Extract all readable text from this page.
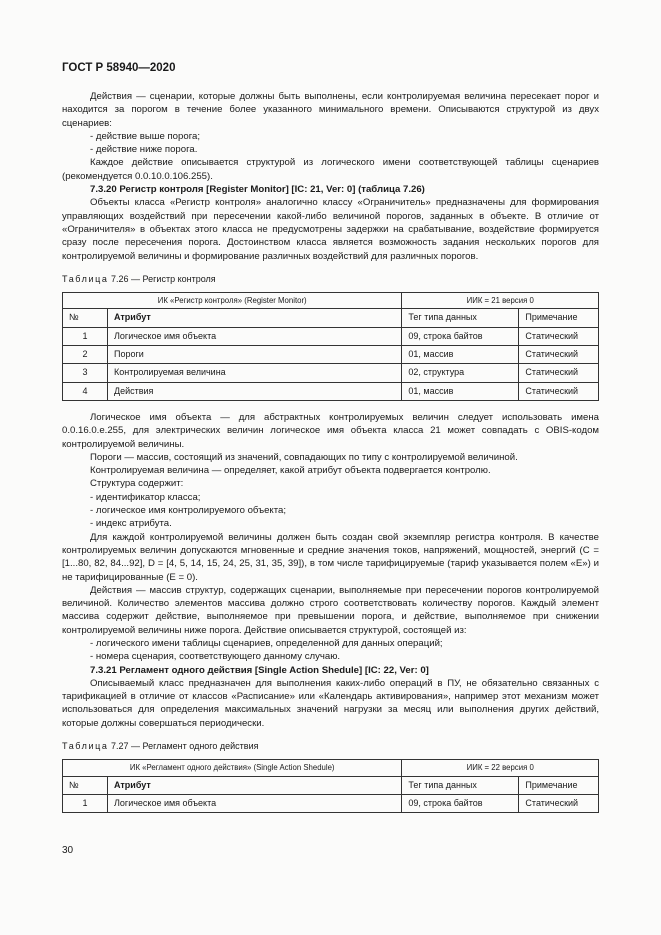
ГОСТ Р 58940—2020

Действия — сценарии, которые должны быть выполнены, если контролируемая величина пересекает порог и находится за порогом в течение более указанного минимального времени. Описываются структурой из двух сценариев:

- действие выше порога;

- действие ниже порога.

Каждое действие описывается структурой из логического имени соответствующей таблицы сценариев (рекомендуется 0.0.10.0.106.255).

7.3.20 Регистр контроля [Register Monitor] [IC: 21, Ver: 0] (таблица 7.26)

Объекты класса «Регистр контроля» аналогично классу «Ограничитель» предназначены для формирования управляющих воздействий при пересечении какой-либо величиной порогов, заданных в объекте. В отличие от «Ограничителя» в объектах этого класса не предусмотрены задержки на срабатывание, воздействие формируется сразу после пересечения порога. Достоинством класса является возможность задания нескольких порогов для контролируемой величины и формирование различных воздействий для различных порогов.

Таблица 7.26 — Регистр контроля
ИК «Регистр контроля» (Register Monitor)		ИИК = 21 версия 0	
№	Атрибут	Тег типа данных	Примечание
1	Логическое имя объекта	09, строка байтов	Статический
2	Пороги	01, массив	Статический
3	Контролируемая величина	02, структура	Статический
4	Действия	01, массив	Статический

Логическое имя объекта — для абстрактных контролируемых величин следует использовать имена 0.0.16.0.e.255, для электрических величин логическое имя объекта класса 21 может совпадать с OBIS-кодом контролируемой величины.

Пороги — массив, состоящий из значений, совпадающих по типу с контролируемой величиной.

Контролируемая величина — определяет, какой атрибут объекта подвергается контролю.

Структура содержит:

- идентификатор класса;

- логическое имя контролируемого объекта;

- индекс атрибута.

Для каждой контролируемой величины должен быть создан свой экземпляр регистра контроля. В качестве контролируемых величин допускаются мгновенные и средние значения токов, напряжений, мощностей, энергий (C = [1...80, 82, 84...92], D = [4, 5, 14, 15, 24, 25, 31, 35, 39]), в том числе тарифицируемые (тариф указывается полем «E») и не тарифицированные (E = 0).

Действия — массив структур, содержащих сценарии, выполняемые при пересечении порогов контролируемой величиной. Количество элементов массива должно строго соответствовать количеству порогов. Каждый элемент массива содержит действие, выполняемое при превышении порога, и действие, выполняемое при снижении контролируемой величины ниже порога. Действие описывается структурой, состоящей из:

- логического имени таблицы сценариев, определенной для данных операций;

- номера сценария, соответствующего данному случаю.

7.3.21 Регламент одного действия [Single Action Shedule] [IC: 22, Ver: 0]

Описываемый класс предназначен для выполнения каких-либо операций в ПУ, не обязательно связанных с тарификацией в отличие от классов «Расписание» или «Календарь активирования», например этот механизм может использоваться для определения максимальных значений нагрузки за месяц или выполнения других действий, которые должны совершаться периодически.

Таблица 7.27 — Регламент одного действия
ИК «Регламент одного действия» (Single Action Shedule)		ИИК = 22 версия 0	
№	Атрибут	Тег типа данных	Примечание
1	Логическое имя объекта	09, строка байтов	Статический
30
